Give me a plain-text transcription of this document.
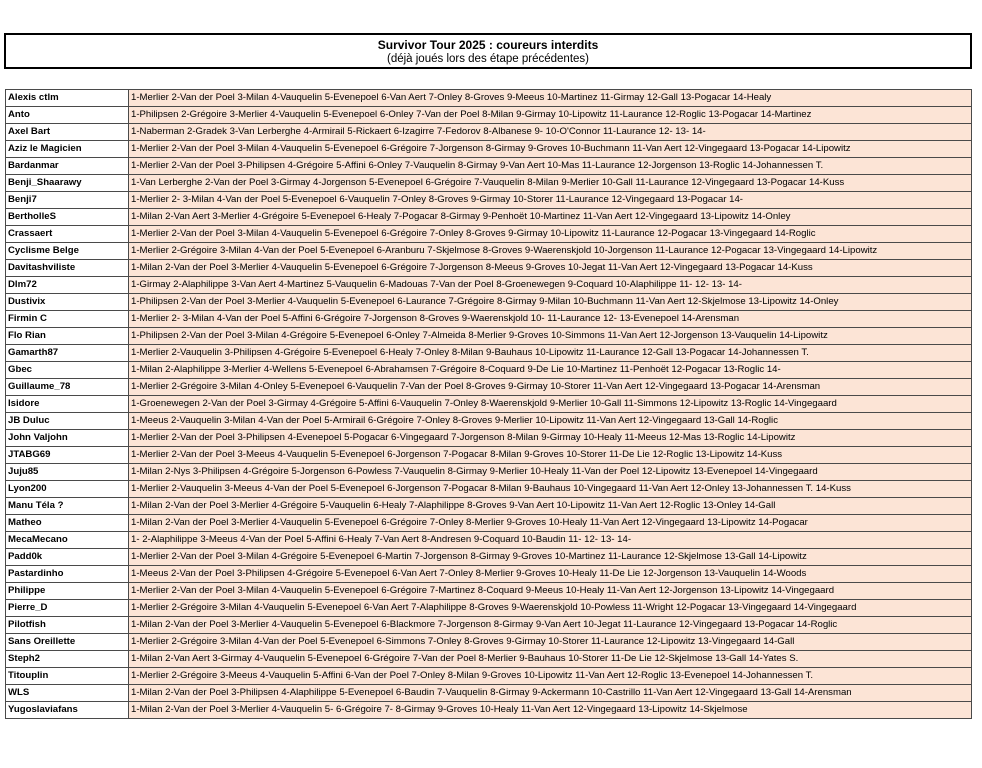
Survivor Tour 2025 : coureurs interdits
(déjà joués lors des étape précédentes)
Alexis ctlm	1-Merlier 2-Van der Poel 3-Milan 4-Vauquelin 5-Evenepoel 6-Van Aert 7-Onley 8-Groves 9-Meeus 10-Martinez 11-Girmay 12-Gall 13-Pogacar 14-Healy
Anto	1-Philipsen 2-Grégoire 3-Merlier 4-Vauquelin 5-Evenepoel 6-Onley 7-Van der Poel 8-Milan 9-Girmay 10-Lipowitz 11-Laurance 12-Roglic 13-Pogacar 14-Martinez
Axel Bart	1-Naberman 2-Gradek 3-Van Lerberghe 4-Armirail 5-Rickaert 6-Izagirre 7-Fedorov 8-Albanese 9- 10-O'Connor 11-Laurance 12- 13- 14-
Aziz le Magicien	1-Merlier 2-Van der Poel 3-Milan 4-Vauquelin 5-Evenepoel 6-Grégoire 7-Jorgenson 8-Girmay 9-Groves 10-Buchmann 11-Van Aert 12-Vingegaard 13-Pogacar 14-Lipowitz
Bardanmar	1-Merlier 2-Van der Poel 3-Philipsen 4-Grégoire 5-Affini 6-Onley 7-Vauquelin 8-Girmay 9-Van Aert 10-Mas 11-Laurance 12-Jorgenson 13-Roglic 14-Johannessen T.
Benji_Shaarawy	1-Van Lerberghe 2-Van der Poel 3-Girmay 4-Jorgenson 5-Evenepoel 6-Grégoire 7-Vauquelin 8-Milan 9-Merlier 10-Gall 11-Laurance 12-Vingegaard 13-Pogacar 14-Kuss
Benji7	1-Merlier 2- 3-Milan 4-Van der Poel 5-Evenepoel 6-Vauquelin 7-Onley 8-Groves 9-Girmay 10-Storer 11-Laurance 12-Vingegaard 13-Pogacar 14-
BertholleS	1-Milan 2-Van Aert 3-Merlier 4-Grégoire 5-Evenepoel 6-Healy 7-Pogacar 8-Girmay 9-Penhoët 10-Martinez 11-Van Aert 12-Vingegaard 13-Lipowitz 14-Onley
Crassaert	1-Merlier 2-Van der Poel 3-Milan 4-Vauquelin 5-Evenepoel 6-Grégoire 7-Onley 8-Groves 9-Girmay 10-Lipowitz 11-Laurance 12-Pogacar 13-Vingegaard 14-Roglic
Cyclisme Belge	1-Merlier 2-Grégoire 3-Milan 4-Van der Poel 5-Evenepoel 6-Aranburu 7-Skjelmose 8-Groves 9-Waerenskjold 10-Jorgenson 11-Laurance 12-Pogacar 13-Vingegaard 14-Lipowitz
Davitashviliste	1-Milan 2-Van der Poel 3-Merlier 4-Vauquelin 5-Evenepoel 6-Grégoire 7-Jorgenson 8-Meeus 9-Groves 10-Jegat 11-Van Aert 12-Vingegaard 13-Pogacar 14-Kuss
Dlm72	1-Girmay 2-Alaphilippe 3-Van Aert 4-Martinez 5-Vauquelin 6-Madouas 7-Van der Poel 8-Groenewegen 9-Coquard 10-Alaphilippe 11- 12- 13- 14-
Dustivix	1-Philipsen 2-Van der Poel 3-Merlier 4-Vauquelin 5-Evenepoel 6-Laurance 7-Grégoire 8-Girmay 9-Milan 10-Buchmann 11-Van Aert 12-Skjelmose 13-Lipowitz 14-Onley
Firmin C	1-Merlier 2- 3-Milan 4-Van der Poel 5-Affini 6-Grégoire 7-Jorgenson 8-Groves 9-Waerenskjold 10- 11-Laurance 12- 13-Evenepoel 14-Arensman
Flo Rian	1-Philipsen 2-Van der Poel 3-Milan 4-Grégoire 5-Evenepoel 6-Onley 7-Almeida 8-Merlier 9-Groves 10-Simmons 11-Van Aert 12-Jorgenson 13-Vauquelin 14-Lipowitz
Gamarth87	1-Merlier 2-Vauquelin 3-Philipsen 4-Grégoire 5-Evenepoel 6-Healy 7-Onley 8-Milan 9-Bauhaus 10-Lipowitz 11-Laurance 12-Gall 13-Pogacar 14-Johannessen T.
Gbec	1-Milan 2-Alaphilippe 3-Merlier 4-Wellens 5-Evenepoel 6-Abrahamsen 7-Grégoire 8-Coquard 9-De Lie 10-Martinez 11-Penhoët 12-Pogacar 13-Roglic 14-
Guillaume_78	1-Merlier 2-Grégoire 3-Milan 4-Onley 5-Evenepoel 6-Vauquelin 7-Van der Poel 8-Groves 9-Girmay 10-Storer 11-Van Aert 12-Vingegaard 13-Pogacar 14-Arensman
Isidore	1-Groenewegen 2-Van der Poel 3-Girmay 4-Grégoire 5-Affini 6-Vauquelin 7-Onley 8-Waerenskjold 9-Merlier 10-Gall 11-Simmons 12-Lipowitz 13-Roglic 14-Vingegaard
JB Duluc	1-Meeus 2-Vauquelin 3-Milan 4-Van der Poel 5-Armirail 6-Grégoire 7-Onley 8-Groves 9-Merlier 10-Lipowitz 11-Van Aert 12-Vingegaard 13-Gall 14-Roglic
John Valjohn	1-Merlier 2-Van der Poel 3-Philipsen 4-Evenepoel 5-Pogacar 6-Vingegaard 7-Jorgenson 8-Milan 9-Girmay 10-Healy 11-Meeus 12-Mas 13-Roglic 14-Lipowitz
JTABG69	1-Merlier 2-Van der Poel 3-Meeus 4-Vauquelin 5-Evenepoel 6-Jorgenson 7-Pogacar 8-Milan 9-Groves 10-Storer 11-De Lie 12-Roglic 13-Lipowitz 14-Kuss
Juju85	1-Milan 2-Nys 3-Philipsen 4-Grégoire 5-Jorgenson 6-Powless 7-Vauquelin 8-Girmay 9-Merlier 10-Healy 11-Van der Poel 12-Lipowitz 13-Evenepoel 14-Vingegaard
Lyon200	1-Merlier 2-Vauquelin 3-Meeus 4-Van der Poel 5-Evenepoel 6-Jorgenson 7-Pogacar 8-Milan 9-Bauhaus 10-Vingegaard 11-Van Aert 12-Onley 13-Johannessen T. 14-Kuss
Manu Téla ?	1-Milan 2-Van der Poel 3-Merlier 4-Grégoire 5-Vauquelin 6-Healy 7-Alaphilippe 8-Groves 9-Van Aert 10-Lipowitz 11-Van Aert 12-Roglic 13-Onley 14-Gall
Matheo	1-Milan 2-Van der Poel 3-Merlier 4-Vauquelin 5-Evenepoel 6-Grégoire 7-Onley 8-Merlier 9-Groves 10-Healy 11-Van Aert 12-Vingegaard 13-Lipowitz 14-Pogacar
MecaMecano	1- 2-Alaphilippe 3-Meeus 4-Van der Poel 5-Affini 6-Healy 7-Van Aert 8-Andresen 9-Coquard 10-Baudin 11- 12- 13- 14-
Padd0k	1-Merlier 2-Van der Poel 3-Milan 4-Grégoire 5-Evenepoel 6-Martin 7-Jorgenson 8-Girmay 9-Groves 10-Martinez 11-Laurance 12-Skjelmose 13-Gall 14-Lipowitz
Pastardinho	1-Meeus 2-Van der Poel 3-Philipsen 4-Grégoire 5-Evenepoel 6-Van Aert 7-Onley 8-Merlier 9-Groves 10-Healy 11-De Lie 12-Jorgenson 13-Vauquelin 14-Woods
Philippe	1-Merlier 2-Van der Poel 3-Milan 4-Vauquelin 5-Evenepoel 6-Grégoire 7-Martinez 8-Coquard 9-Meeus 10-Healy 11-Van Aert 12-Jorgenson 13-Lipowitz 14-Vingegaard
Pierre_D	1-Merlier 2-Grégoire 3-Milan 4-Vauquelin 5-Evenepoel 6-Van Aert 7-Alaphilippe 8-Groves 9-Waerenskjold 10-Powless 11-Wright 12-Pogacar 13-Vingegaard 14-Vingegaard
Pilotfish	1-Milan 2-Van der Poel 3-Merlier 4-Vauquelin 5-Evenepoel 6-Blackmore 7-Jorgenson 8-Girmay 9-Van Aert 10-Jegat 11-Laurance 12-Vingegaard 13-Pogacar 14-Roglic
Sans Oreillette	1-Merlier 2-Grégoire 3-Milan 4-Van der Poel 5-Evenepoel 6-Simmons 7-Onley 8-Groves 9-Girmay 10-Storer 11-Laurance 12-Lipowitz 13-Vingegaard 14-Gall
Steph2	1-Milan 2-Van Aert 3-Girmay 4-Vauquelin 5-Evenepoel 6-Grégoire 7-Van der Poel 8-Merlier 9-Bauhaus 10-Storer 11-De Lie 12-Skjelmose 13-Gall 14-Yates S.
Titouplin	1-Merlier 2-Grégoire 3-Meeus 4-Vauquelin 5-Affini 6-Van der Poel 7-Onley 8-Milan 9-Groves 10-Lipowitz 11-Van Aert 12-Roglic 13-Evenepoel 14-Johannessen T.
WLS	1-Milan 2-Van der Poel 3-Philipsen 4-Alaphilippe 5-Evenepoel 6-Baudin 7-Vauquelin 8-Girmay 9-Ackermann 10-Castrillo 11-Van Aert 12-Vingegaard 13-Gall 14-Arensman
Yugoslaviafans	1-Milan 2-Van der Poel 3-Merlier 4-Vauquelin 5- 6-Grégoire 7- 8-Girmay 9-Groves 10-Healy 11-Van Aert 12-Vingegaard 13-Lipowitz 14-Skjelmose
